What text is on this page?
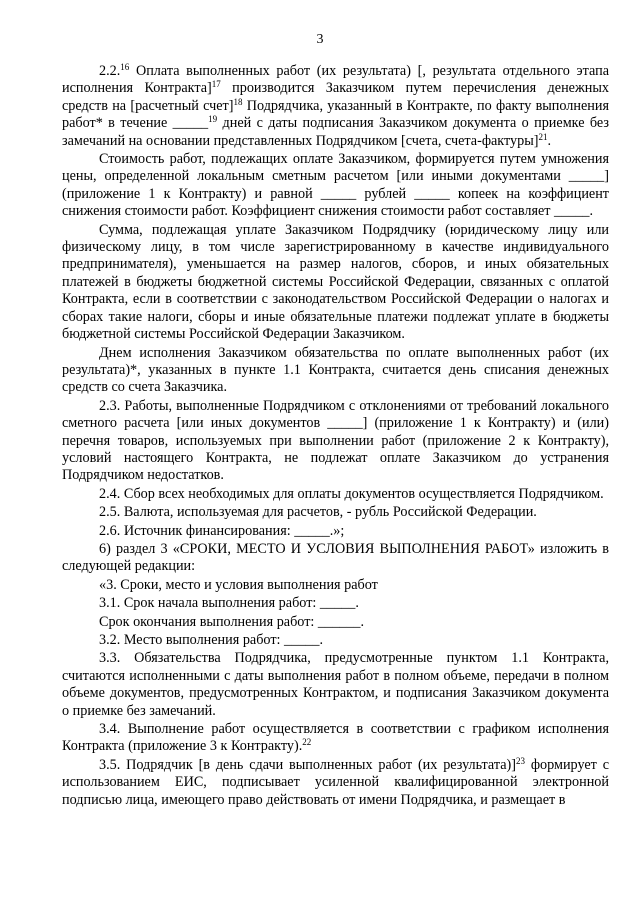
3

2.2.16 Оплата выполненных работ (их результата) [, результата отдельного этапа исполнения Контракта]$^{17}$ производится Заказчиком путем перечисления денежных средств на [расчетный счет]$^{18}$ Подрядчика, указанный в Контракте, по факту выполнения работ* в течение _____$^{19}$ дней с даты подписания Заказчиком документа о приемке без замечаний на основании представленных Подрядчиком [счета, счета-фактуры]$^{21}$.

Стоимость работ, подлежащих оплате Заказчиком, формируется путем умножения цены, определенной локальным сметным расчетом [или иными документами _____] (приложение 1 к Контракту) и равной _____ рублей _____ копеек на коэффициент снижения стоимости работ. Коэффициент снижения стоимости работ составляет _____.

Сумма, подлежащая уплате Заказчиком Подрядчику (юридическому лицу или физическому лицу, в том числе зарегистрированному в качестве индивидуального предпринимателя), уменьшается на размер налогов, сборов, и иных обязательных платежей в бюджеты бюджетной системы Российской Федерации, связанных с оплатой Контракта, если в соответствии с законодательством Российской Федерации о налогах и сборах такие налоги, сборы и иные обязательные платежи подлежат уплате в бюджеты бюджетной системы Российской Федерации Заказчиком.

Днем исполнения Заказчиком обязательства по оплате выполненных работ (их результата)*, указанных в пункте 1.1 Контракта, считается день списания денежных средств со счета Заказчика.

2.3. Работы, выполненные Подрядчиком с отклонениями от требований локального сметного расчета [или иных документов _____] (приложение 1 к Контракту) и (или) перечня товаров, используемых при выполнении работ (приложение 2 к Контракту), условий настоящего Контракта, не подлежат оплате Заказчиком до устранения Подрядчиком недостатков.

2.4. Сбор всех необходимых для оплаты документов осуществляется Подрядчиком.

2.5. Валюта, используемая для расчетов, - рубль Российской Федерации.

2.6. Источник финансирования: _____.»;

6) раздел 3 «СРОКИ, МЕСТО И УСЛОВИЯ ВЫПОЛНЕНИЯ РАБОТ» изложить в следующей редакции:

«3. Сроки, место и условия выполнения работ

3.1. Срок начала выполнения работ: _____.

Срок окончания выполнения работ: ______.

3.2. Место выполнения работ: _____.

3.3. Обязательства Подрядчика, предусмотренные пунктом 1.1 Контракта, считаются исполненными с даты выполнения работ в полном объеме, передачи в полном объеме документов, предусмотренных Контрактом, и подписания Заказчиком документа о приемке без замечаний.

3.4. Выполнение работ осуществляется в соответствии с графиком исполнения Контракта (приложение 3 к Контракту).$^{22}$

3.5. Подрядчик [в день сдачи выполненных работ (их результата)]$^{23}$ формирует с использованием ЕИС, подписывает усиленной квалифицированной электронной подписью лица, имеющего право действовать от имени Подрядчика, и размещает в
